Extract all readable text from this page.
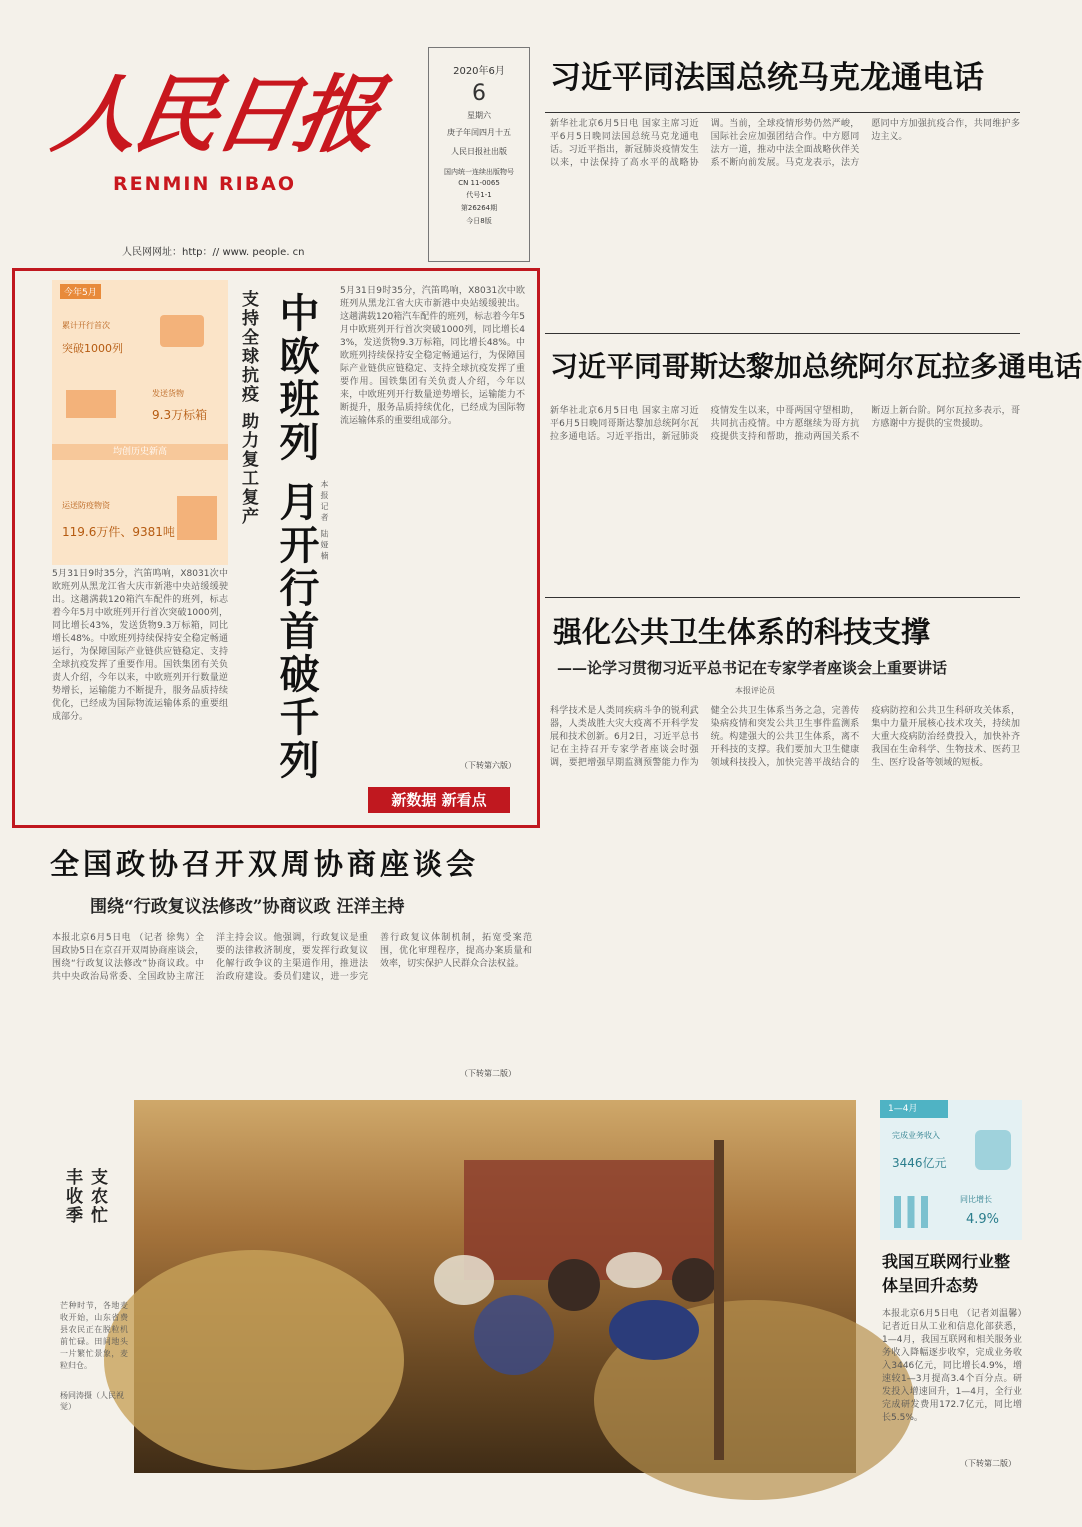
人民日报
RENMIN RIBAO
人民网网址：http：// www. people. cn
2020年6月
6
星期六
庚子年闰四月十五
人民日报社出版
国内统一连续出版物号
CN 11-0065
代号1-1
第26264期
今日8版
习近平同法国总统马克龙通电话
新华社北京6月5日电 国家主席习近平6月5日晚同法国总统马克龙通电话。习近平指出，新冠肺炎疫情发生以来，中法保持了高水平的战略协调。当前，全球疫情形势仍然严峻，国际社会应加强团结合作。中方愿同法方一道，推动中法全面战略伙伴关系不断向前发展。马克龙表示，法方愿同中方加强抗疫合作，共同维护多边主义。
习近平同哥斯达黎加总统阿尔瓦拉多通电话
新华社北京6月5日电 国家主席习近平6月5日晚同哥斯达黎加总统阿尔瓦拉多通电话。习近平指出，新冠肺炎疫情发生以来，中哥两国守望相助，共同抗击疫情。中方愿继续为哥方抗疫提供支持和帮助，推动两国关系不断迈上新台阶。阿尔瓦拉多表示，哥方感谢中方提供的宝贵援助。
今年5月
累计开行首次
突破1000列
发送货物
9.3万标箱
均创历史新高
运送防疫物资
119.6万件、9381吨
5月31日9时35分，汽笛鸣响，X8031次中欧班列从黑龙江省大庆市新港中央站缓缓驶出。这趟满载120箱汽车配件的班列，标志着今年5月中欧班列开行首次突破1000列，同比增长43%，发送货物9.3万标箱，同比增长48%。中欧班列持续保持安全稳定畅通运行，为保障国际产业链供应链稳定、支持全球抗疫发挥了重要作用。国铁集团有关负责人介绍，今年以来，中欧班列开行数量逆势增长，运输能力不断提升，服务品质持续优化，已经成为国际物流运输体系的重要组成部分。
支持全球抗疫 助力复工复产 中欧班列 月开行首破千列 本报记者 陆娅楠
5月31日9时35分，汽笛鸣响，X8031次中欧班列从黑龙江省大庆市新港中央站缓缓驶出。这趟满载120箱汽车配件的班列，标志着今年5月中欧班列开行首次突破1000列，同比增长43%，发送货物9.3万标箱，同比增长48%。中欧班列持续保持安全稳定畅通运行，为保障国际产业链供应链稳定、支持全球抗疫发挥了重要作用。国铁集团有关负责人介绍，今年以来，中欧班列开行数量逆势增长，运输能力不断提升，服务品质持续优化，已经成为国际物流运输体系的重要组成部分。
（下转第六版）
新数据 新看点
强化公共卫生体系的科技支撑
——论学习贯彻习近平总书记在专家学者座谈会上重要讲话
本报评论员
科学技术是人类同疾病斗争的锐利武器，人类战胜大灾大疫离不开科学发展和技术创新。6月2日，习近平总书记在主持召开专家学者座谈会时强调，要把增强早期监测预警能力作为健全公共卫生体系当务之急，完善传染病疫情和突发公共卫生事件监测系统。构建强大的公共卫生体系，离不开科技的支撑。我们要加大卫生健康领域科技投入，加快完善平战结合的疫病防控和公共卫生科研攻关体系，集中力量开展核心技术攻关，持续加大重大疫病防治经费投入，加快补齐我国在生命科学、生物技术、医药卫生、医疗设备等领域的短板。
全国政协召开双周协商座谈会
围绕“行政复议法修改”协商议政 汪洋主持
本报北京6月5日电 （记者 徐隽）全国政协5日在京召开双周协商座谈会，围绕“行政复议法修改”协商议政。中共中央政治局常委、全国政协主席汪洋主持会议。他强调，行政复议是重要的法律救济制度，要发挥行政复议化解行政争议的主渠道作用，推进法治政府建设。委员们建议，进一步完善行政复议体制机制，拓宽受案范围，优化审理程序，提高办案质量和效率，切实保护人民群众合法权益。
（下转第二版）
支农忙 丰收季
芒种时节，各地麦收开始，山东省费县农民正在脱粒机前忙碌。田间地头一片繁忙景象，麦粒归仓。
杨同涛摄（人民视觉）
1—4月
完成业务收入
3446亿元
同比增长
4.9%
我国互联网行业整体呈回升态势
本报北京6月5日电 （记者刘温馨）记者近日从工业和信息化部获悉，1—4月，我国互联网和相关服务业务收入降幅逐步收窄，完成业务收入3446亿元，同比增长4.9%，增速较1—3月提高3.4个百分点。研发投入增速回升，1—4月，全行业完成研发费用172.7亿元，同比增长5.5%。
（下转第二版）
